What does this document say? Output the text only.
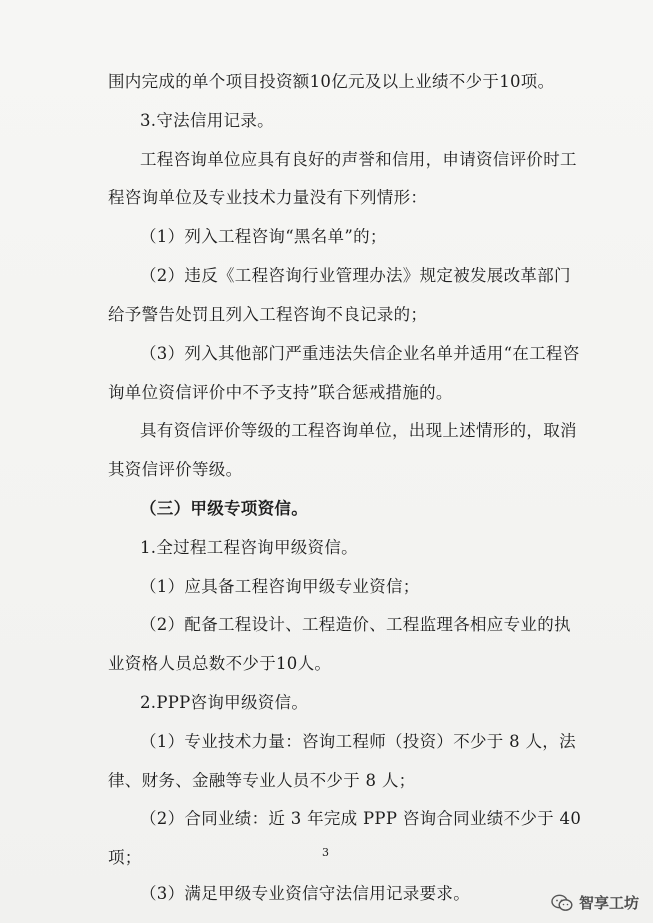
围内完成的单个项目投资额10亿元及以上业绩不少于10项。

3.守法信用记录。

工程咨询单位应具有良好的声誉和信用，申请资信评价时工

程咨询单位及专业技术力量没有下列情形：

（1）列入工程咨询“黑名单”的；

（2）违反《工程咨询行业管理办法》规定被发展改革部门

给予警告处罚且列入工程咨询不良记录的；

（3）列入其他部门严重违法失信企业名单并适用“在工程咨

询单位资信评价中不予支持”联合惩戒措施的。

具有资信评价等级的工程咨询单位，出现上述情形的，取消

其资信评价等级。

（三）甲级专项资信。

1.全过程工程咨询甲级资信。

（1）应具备工程咨询甲级专业资信；

（2）配备工程设计、工程造价、工程监理各相应专业的执

业资格人员总数不少于10人。

2.PPP咨询甲级资信。

（1）专业技术力量：咨询工程师（投资）不少于 8 人，法

律、财务、金融等专业人员不少于 8 人；

（2）合同业绩：近 3 年完成 PPP 咨询合同业绩不少于 40

项；

（3）满足甲级专业资信守法信用记录要求。

3
智享工坊
